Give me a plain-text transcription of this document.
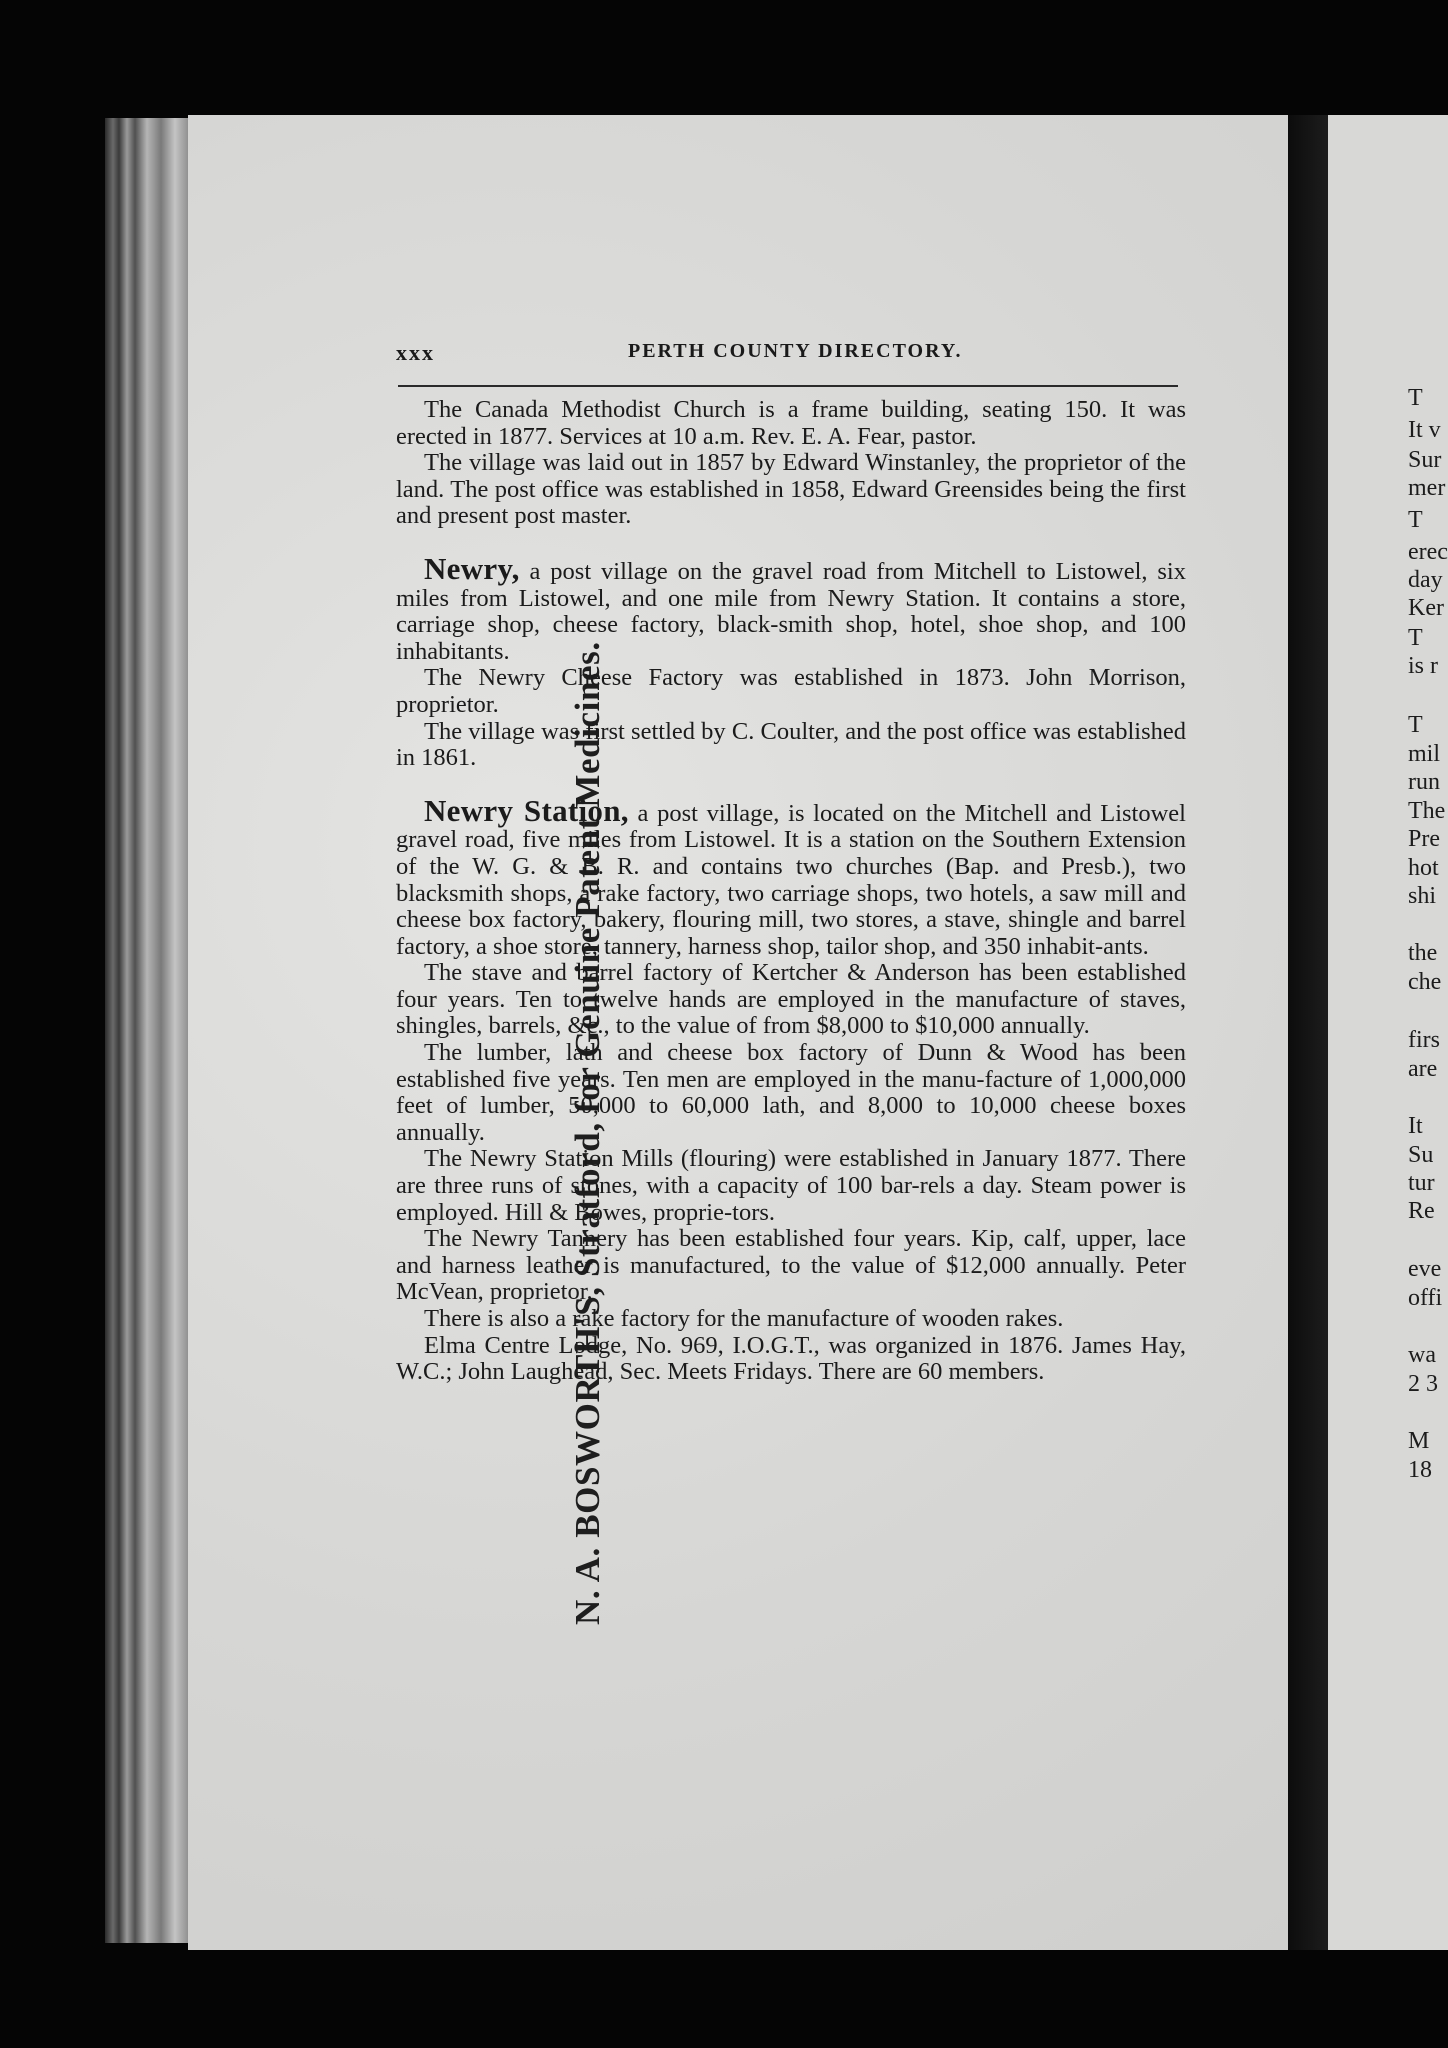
xxx	PERTH COUNTY DIRECTORY.
N. A. BOSWORTH'S, Stratford, for Genuine Patent Medicines.

The Canada Methodist Church is a frame building, seating 150. It was erected in 1877. Services at 10 a.m. Rev. E. A. Fear, pastor.

The village was laid out in 1857 by Edward Winstanley, the proprietor of the land. The post office was established in 1858, Edward Greensides being the first and present post master.

Newry, a post village on the gravel road from Mitchell to Listowel, six miles from Listowel, and one mile from Newry Station. It contains a store, carriage shop, cheese factory, black-smith shop, hotel, shoe shop, and 100 inhabitants.

The Newry Cheese Factory was established in 1873. John Morrison, proprietor.

The village was first settled by C. Coulter, and the post office was established in 1861.

Newry Station, a post village, is located on the Mitchell and Listowel gravel road, five miles from Listowel. It is a station on the Southern Extension of the W. G. & B. R. and contains two churches (Bap. and Presb.), two blacksmith shops, a rake factory, two carriage shops, two hotels, a saw mill and cheese box factory, bakery, flouring mill, two stores, a stave, shingle and barrel factory, a shoe store, tannery, harness shop, tailor shop, and 350 inhabit-ants.

The stave and barrel factory of Kertcher & Anderson has been established four years. Ten to twelve hands are employed in the manufacture of staves, shingles, barrels, &c., to the value of from $8,000 to $10,000 annually.

The lumber, lath and cheese box factory of Dunn & Wood has been established five years. Ten men are employed in the manu-facture of 1,000,000 feet of lumber, 50,000 to 60,000 lath, and 8,000 to 10,000 cheese boxes annually.

The Newry Station Mills (flouring) were established in January 1877. There are three runs of stones, with a capacity of 100 bar-rels a day. Steam power is employed. Hill & Bowes, proprie-tors.

The Newry Tannery has been established four years. Kip, calf, upper, lace and harness leather is manufactured, to the value of $12,000 annually. Peter McVean, proprietor.

There is also a rake factory for the manufacture of wooden rakes.

Elma Centre Lodge, No. 969, I.O.G.T., was organized in 1876. James Hay, W.C.; John Laughead, Sec. Meets Fridays. There are 60 members.

T
It v
Sur
mer
T
erec
day
Ker
T
is r
T
mil
run
The
Pre
hot
shi
the
che
firs
are
It
Su
tur
Re
eve
offi
wa
2 3
M
18
